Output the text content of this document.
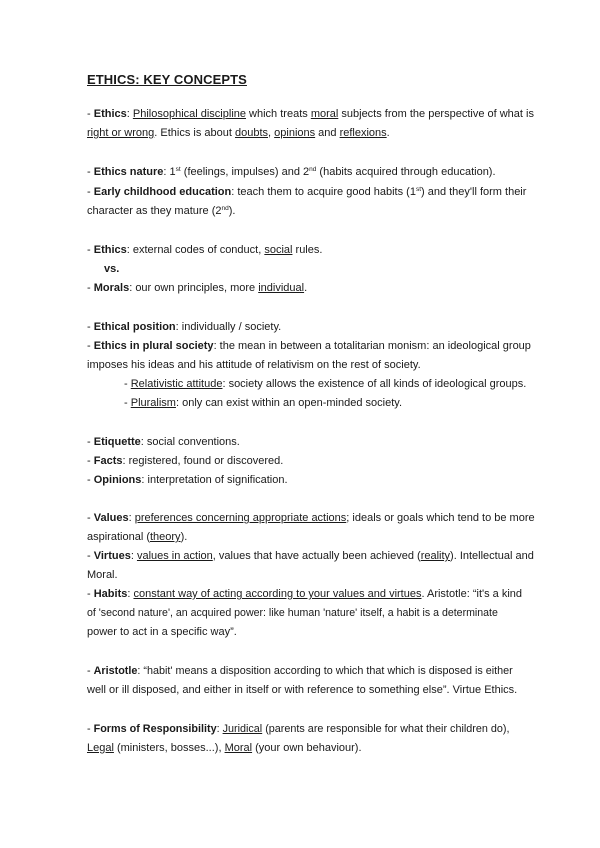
ETHICS: KEY CONCEPTS
- Ethics: Philosophical discipline which treats moral subjects from the perspective of what is
right or wrong. Ethics is about doubts, opinions and reflexions.
- Ethics nature: 1st (feelings, impulses) and 2nd (habits acquired through education).
- Early childhood education: teach them to acquire good habits (1st) and they'll form their
character as they mature (2nd).
- Ethics: external codes of conduct, social rules.
vs.
- Morals: our own principles, more individual.
- Ethical position: individually / society.
- Ethics in plural society: the mean in between a totalitarian monism: an ideological group
imposes his ideas and his attitude of relativism on the rest of society.
- Relativistic attitude: society allows the existence of all kinds of ideological groups.
- Pluralism: only can exist within an open-minded society.
- Etiquette: social conventions.
- Facts: registered, found or discovered.
- Opinions: interpretation of signification.
- Values: preferences concerning appropriate actions; ideals or goals which tend to be more
aspirational (theory).
- Virtues: values in action, values that have actually been achieved (reality). Intellectual and
Moral.
- Habits: constant way of acting according to your values and virtues. Aristotle: “it's a kind
of 'second nature', an acquired power: like human 'nature' itself, a habit is a determinate
power to act in a specific way”.
- Aristotle: “habit' means a disposition according to which that which is disposed is either
well or ill disposed, and either in itself or with reference to something else”. Virtue Ethics.
- Forms of Responsibility: Juridical (parents are responsible for what their children do),
Legal (ministers, bosses...), Moral (your own behaviour).
